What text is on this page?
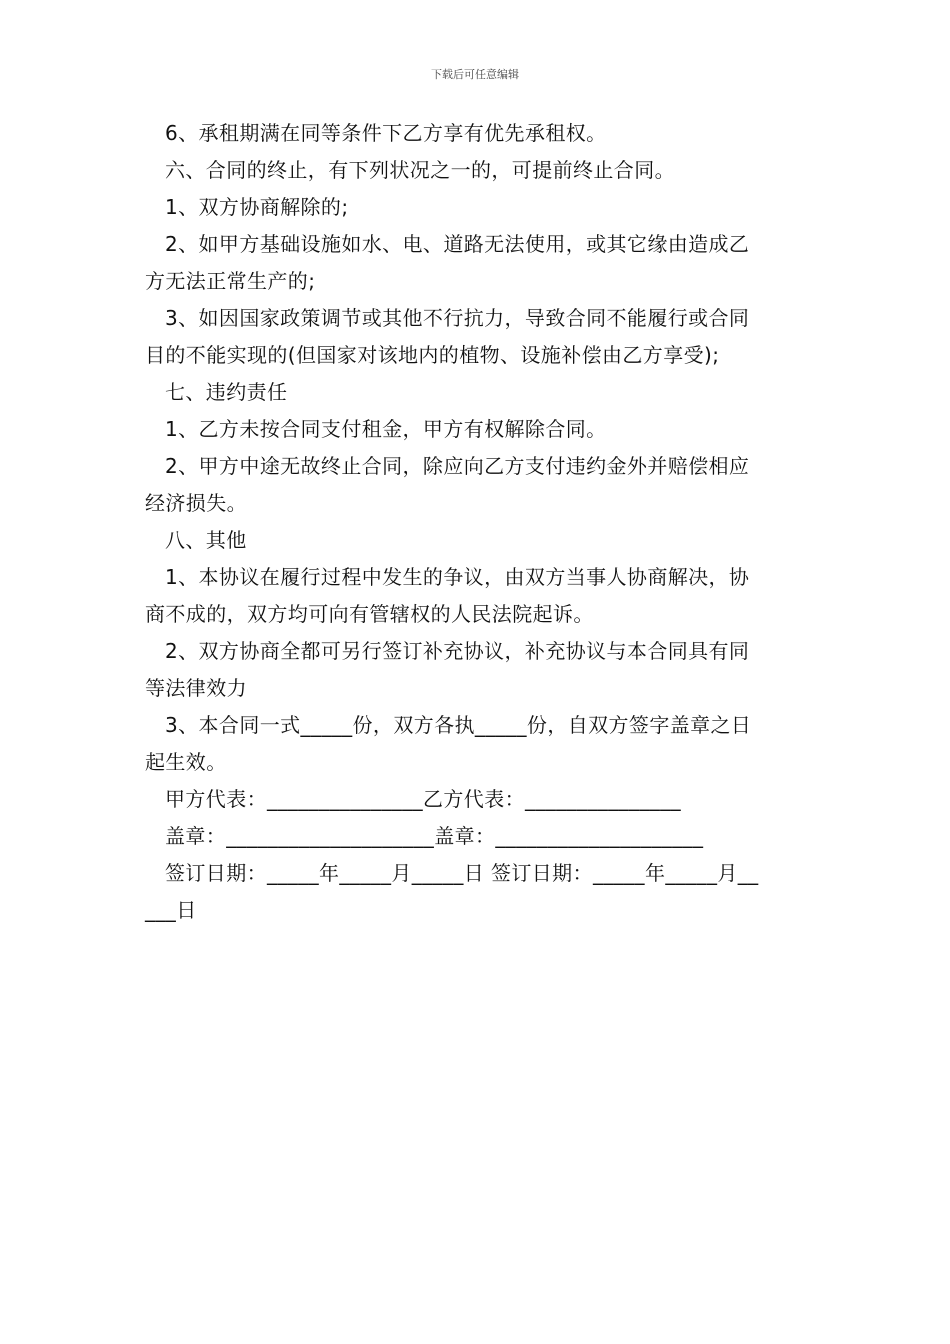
下载后可任意编辑
6、承租期满在同等条件下乙方享有优先承租权。
六、合同的终止，有下列状况之一的，可提前终止合同。
1、双方协商解除的;
2、如甲方基础设施如水、电、道路无法使用，或其它缘由造成乙
方无法正常生产的;
3、如因国家政策调节或其他不行抗力，导致合同不能履行或合同
目的不能实现的(但国家对该地内的植物、设施补偿由乙方享受);
七、违约责任
1、乙方未按合同支付租金，甲方有权解除合同。
2、甲方中途无故终止合同，除应向乙方支付违约金外并赔偿相应
经济损失。
八、其他
1、本协议在履行过程中发生的争议，由双方当事人协商解决，协
商不成的，双方均可向有管辖权的人民法院起诉。
2、双方协商全都可另行签订补充协议，补充协议与本合同具有同
等法律效力
3、本合同一式_____份，双方各执_____份，自双方签字盖章之日
起生效。
甲方代表：_______________乙方代表：_______________
盖章：____________________盖章：____________________
签订日期：_____年_____月_____日 签订日期：_____年_____月__
___日
